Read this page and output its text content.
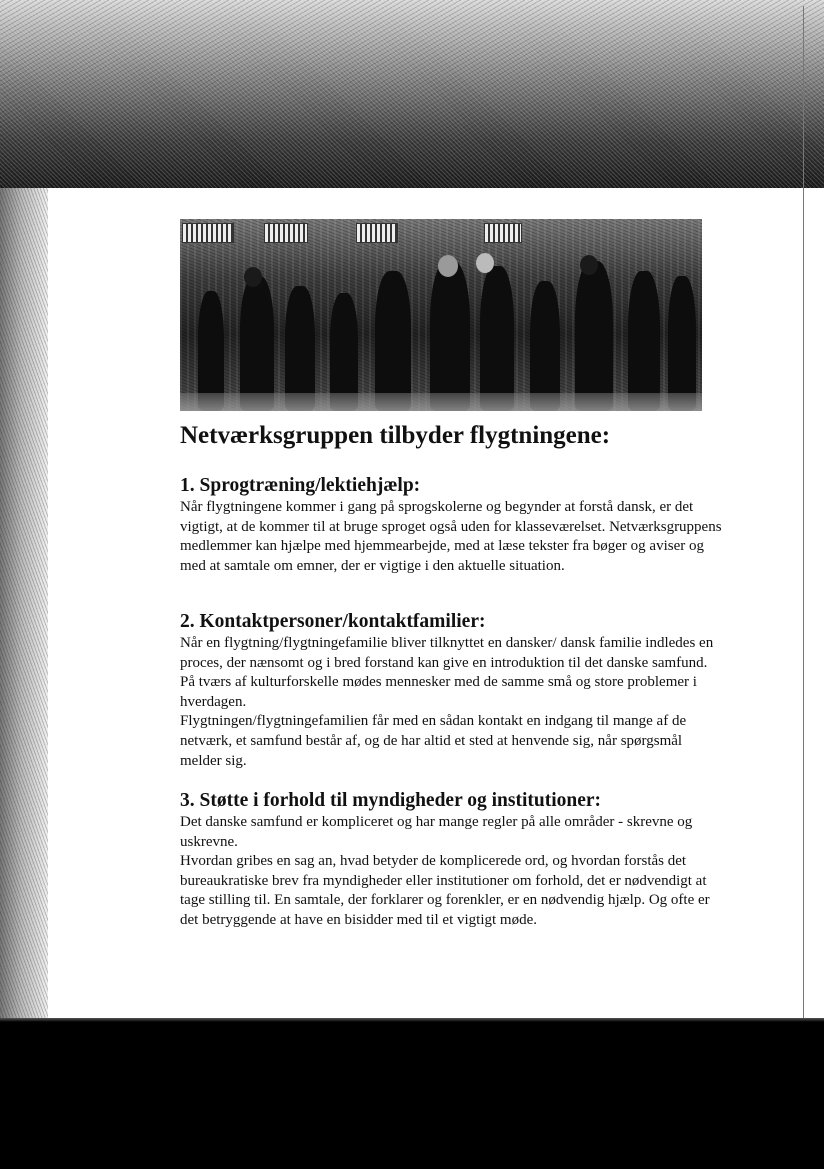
Netværksgruppen tilbyder flygtningene:
1. Sprogtræning/lektiehjælp:

Når flygtningene kommer i gang på sprogskolerne og begynder at forstå dansk, er det vigtigt, at de kommer til at bruge sproget også uden for klasseværelset. Netværksgruppens medlemmer kan hjælpe med hjemmearbejde, med at læse tekster fra bøger og aviser og med at samtale om emner, der er vigtige i den aktuelle situation.

2. Kontaktpersoner/kontaktfamilier:

Når en flygtning/flygtningefamilie bliver tilknyttet en dansker/ dansk familie indledes en proces, der nænsomt og i bred forstand kan give en introduktion til det danske samfund. På tværs af kulturforskelle mødes mennesker med de samme små og store problemer i hverdagen.

Flygtningen/flygtningefamilien får med en sådan kontakt en indgang til mange af de netværk, et samfund består af, og de har altid et sted at henvende sig, når spørgsmål melder sig.

3. Støtte i forhold til myndigheder og institutioner:

Det danske samfund er kompliceret og har mange regler på alle områder - skrevne og uskrevne.

Hvordan gribes en sag an, hvad betyder de komplicerede ord, og hvordan forstås det bureaukratiske brev fra myndigheder eller institutioner om forhold, det er nødvendigt at tage stilling til. En samtale, der forklarer og forenkler, er en nødvendig hjælp. Og ofte er det betryggende at have en bisidder med til et vigtigt møde.
